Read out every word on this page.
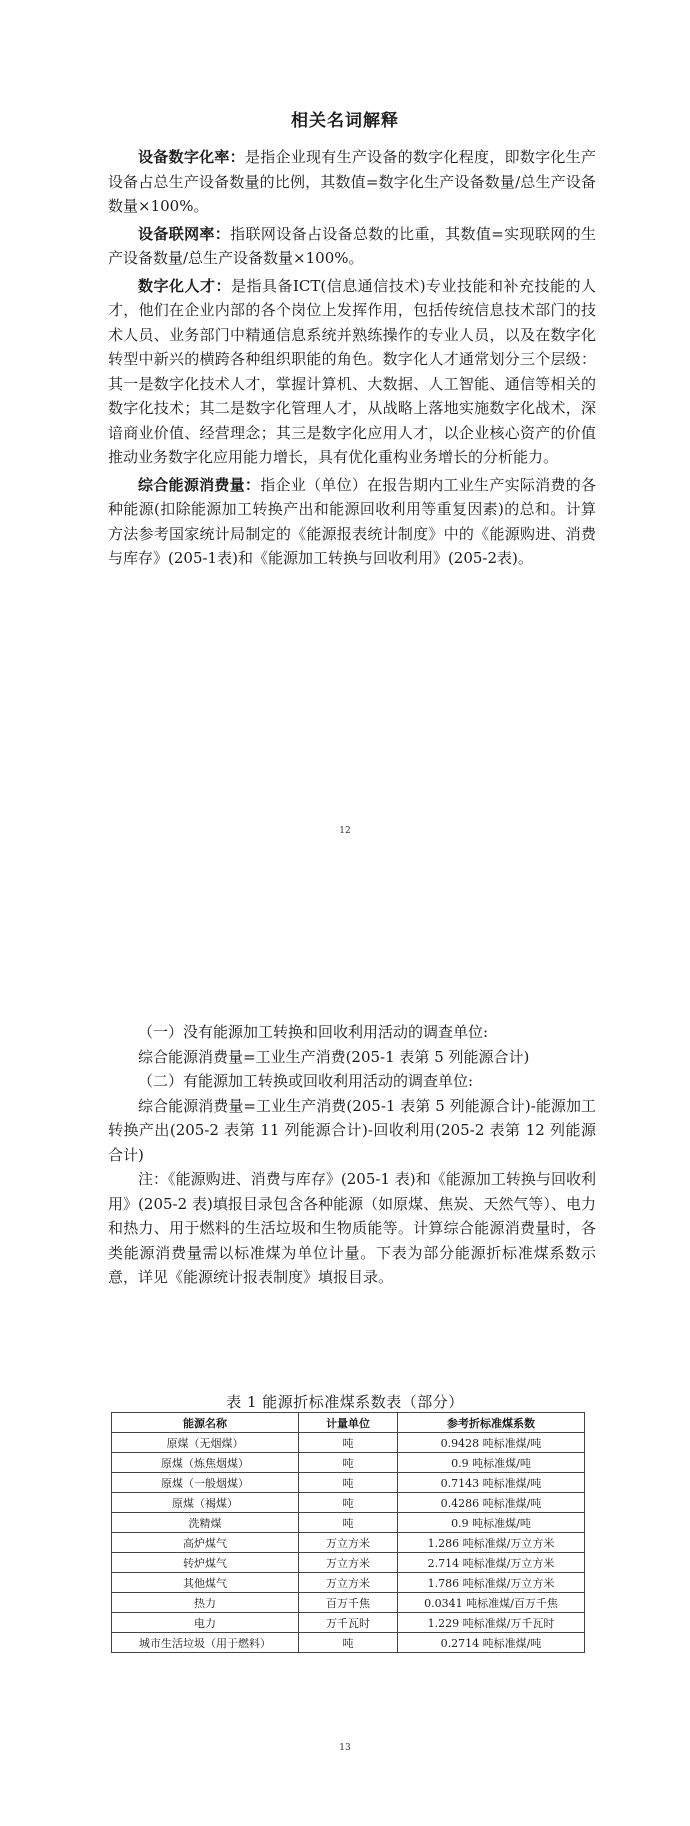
相关名词解释

设备数字化率：是指企业现有生产设备的数字化程度，即数字化生产设备占总生产设备数量的比例，其数值=数字化生产设备数量/总生产设备数量×100%。

设备联网率：指联网设备占设备总数的比重，其数值=实现联网的生产设备数量/总生产设备数量×100%。

数字化人才：是指具备ICT(信息通信技术)专业技能和补充技能的人才，他们在企业内部的各个岗位上发挥作用，包括传统信息技术部门的技术人员、业务部门中精通信息系统并熟练操作的专业人员，以及在数字化转型中新兴的横跨各种组织职能的角色。数字化人才通常划分三个层级：其一是数字化技术人才，掌握计算机、大数据、人工智能、通信等相关的数字化技术；其二是数字化管理人才，从战略上落地实施数字化战术，深谙商业价值、经营理念；其三是数字化应用人才，以企业核心资产的价值推动业务数字化应用能力增长，具有优化重构业务增长的分析能力。

综合能源消费量：指企业（单位）在报告期内工业生产实际消费的各种能源(扣除能源加工转换产出和能源回收利用等重复因素)的总和。计算方法参考国家统计局制定的《能源报表统计制度》中的《能源购进、消费与库存》(205-1表)和《能源加工转换与回收利用》(205-2表)。

12

（一）没有能源加工转换和回收利用活动的调查单位:

综合能源消费量=工业生产消费(205-1 表第 5 列能源合计)

（二）有能源加工转换或回收利用活动的调查单位:

综合能源消费量=工业生产消费(205-1 表第 5 列能源合计)-能源加工转换产出(205-2 表第 11 列能源合计)-回收利用(205-2 表第 12 列能源合计)

注：《能源购进、消费与库存》(205-1 表)和《能源加工转换与回收利用》(205-2 表)填报目录包含各种能源（如原煤、焦炭、天然气等）、电力和热力、用于燃料的生活垃圾和生物质能等。计算综合能源消费量时，各类能源消费量需以标准煤为单位计量。下表为部分能源折标准煤系数示意，详见《能源统计报表制度》填报目录。

表 1 能源折标准煤系数表（部分）
能源名称	计量单位	参考折标准煤系数
原煤（无烟煤）	吨	0.9428 吨标准煤/吨
原煤（炼焦烟煤）	吨	0.9 吨标准煤/吨
原煤（一般烟煤）	吨	0.7143 吨标准煤/吨
原煤（褐煤）	吨	0.4286 吨标准煤/吨
洗精煤	吨	0.9 吨标准煤/吨
高炉煤气	万立方米	1.286 吨标准煤/万立方米
转炉煤气	万立方米	2.714 吨标准煤/万立方米
其他煤气	万立方米	1.786 吨标准煤/万立方米
热力	百万千焦	0.0341 吨标准煤/百万千焦
电力	万千瓦时	1.229 吨标准煤/万千瓦时
城市生活垃圾（用于燃料）	吨	0.2714 吨标准煤/吨
13
